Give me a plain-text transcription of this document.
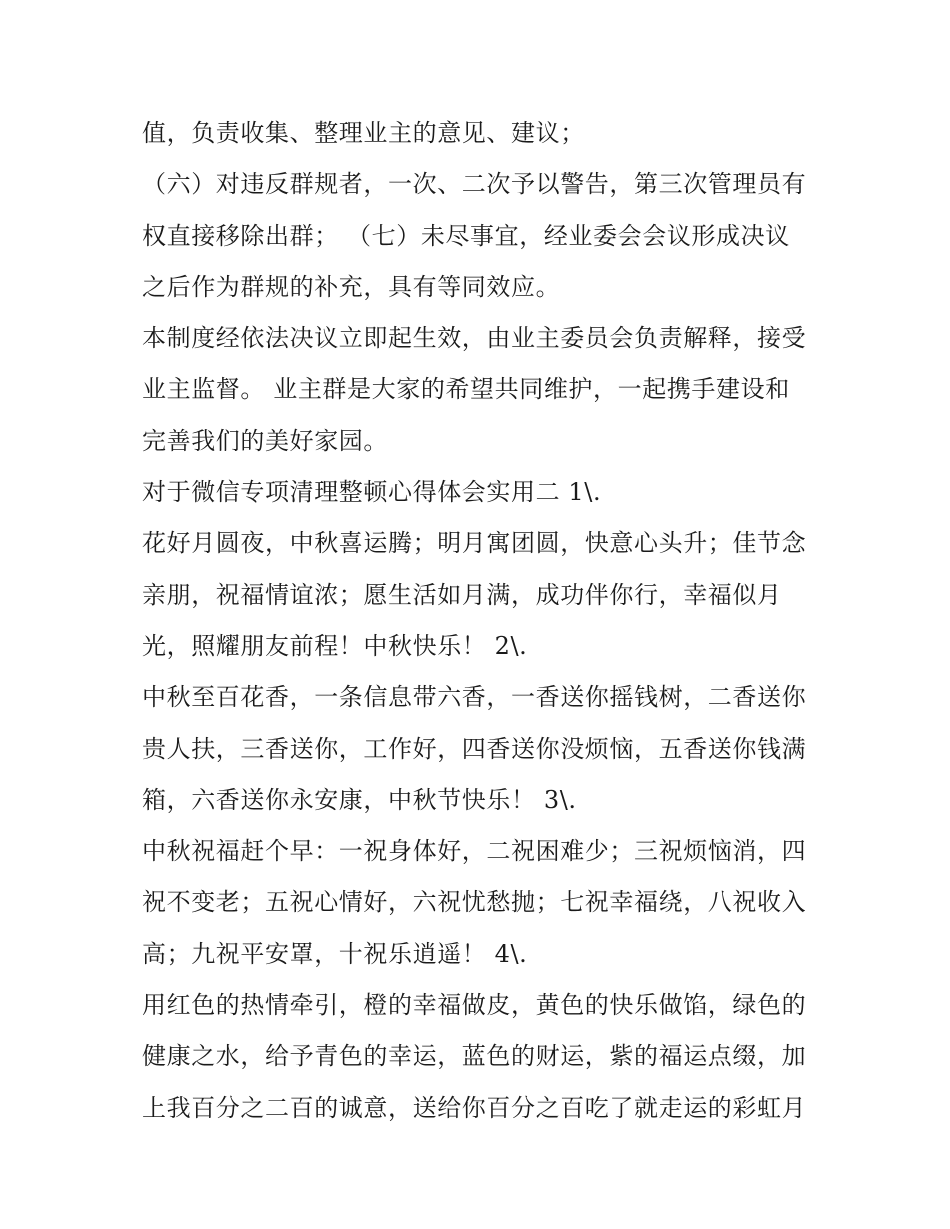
值，负责收集、整理业主的意见、建议；
（六）对违反群规者，一次、二次予以警告，第三次管理员有
权直接移除出群； （七）未尽事宜，经业委会会议形成决议
之后作为群规的补充，具有等同效应。
本制度经依法决议立即起生效，由业主委员会负责解释，接受
业主监督。 业主群是大家的希望共同维护，一起携手建设和
完善我们的美好家园。
对于微信专项清理整顿心得体会实用二 1\.
花好月圆夜，中秋喜运腾；明月寓团圆，快意心头升；佳节念
亲朋，祝福情谊浓；愿生活如月满，成功伴你行，幸福似月
光，照耀朋友前程！中秋快乐！ 2\.
中秋至百花香，一条信息带六香，一香送你摇钱树，二香送你
贵人扶，三香送你，工作好，四香送你没烦恼，五香送你钱满
箱，六香送你永安康，中秋节快乐！ 3\.
中秋祝福赶个早：一祝身体好，二祝困难少；三祝烦恼消，四
祝不变老；五祝心情好，六祝忧愁抛；七祝幸福绕，八祝收入
高；九祝平安罩，十祝乐逍遥！ 4\.
用红色的热情牵引，橙的幸福做皮，黄色的快乐做馅，绿色的
健康之水，给予青色的幸运，蓝色的财运，紫的福运点缀，加
上我百分之二百的诚意，送给你百分之百吃了就走运的彩虹月
